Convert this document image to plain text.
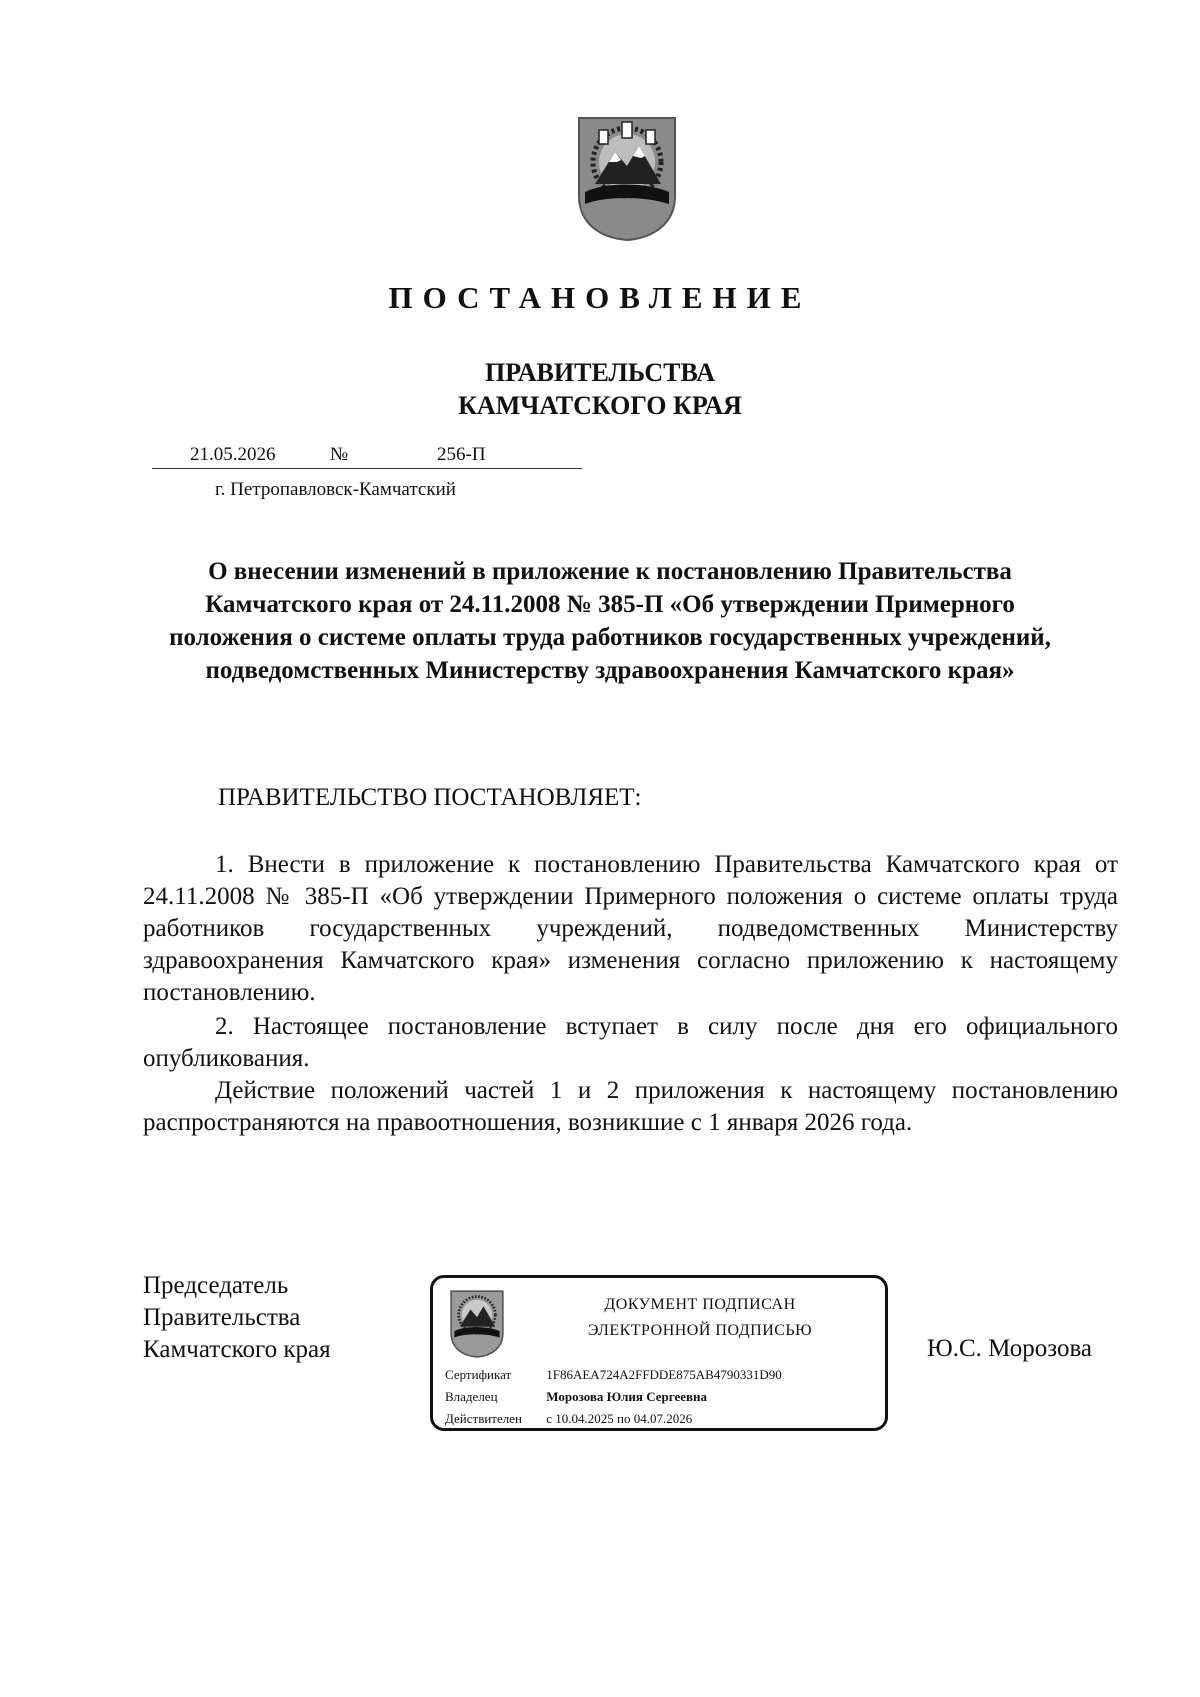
ПОСТАНОВЛЕНИЕ
ПРАВИТЕЛЬСТВА
КАМЧАТСКОГО КРАЯ
21.05.2026	№	256-П
г. Петропавловск-Камчатский
О внесении изменений в приложение к постановлению Правительства Камчатского края от 24.11.2008 № 385-П «Об утверждении Примерного положения о системе оплаты труда работников государственных учреждений, подведомственных Министерству здравоохранения Камчатского края»
ПРАВИТЕЛЬСТВО ПОСТАНОВЛЯЕТ:

1. Внести в приложение к постановлению Правительства Камчатского края от 24.11.2008 № 385-П «Об утверждении Примерного положения о системе оплаты труда работников государственных учреждений, подведомственных Министерству здравоохранения Камчатского края» изменения согласно приложению к настоящему постановлению.

2. Настоящее постановление вступает в силу после дня его официального опубликования.

Действие положений частей 1 и 2 приложения к настоящему постановлению распространяются на правоотношения, возникшие с 1 января 2026 года.

Председатель
Правительства
Камчатского края	Ю.С. Морозова
ДОКУМЕНТ ПОДПИСАН
ЭЛЕКТРОННОЙ ПОДПИСЬЮ
Сертификат	1F86AEA724A2FFDDE875AB4790331D90
Владелец	Морозова Юлия Сергеевна
Действителен с 10.04.2025 по 04.07.2026
